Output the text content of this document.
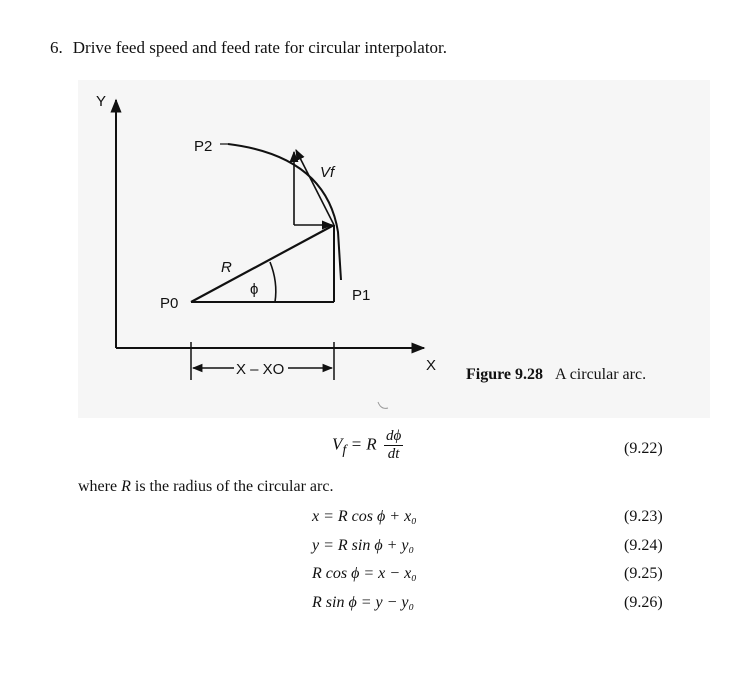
6. Drive feed speed and feed rate for circular interpolator.
Y
X
P2
Vf
R
ϕ
P0	P1
X – XO	Figure 9.28 A circular arc.
$V_f = R \frac{d\phi}{dt}$	(9.22)
where R is the radius of the circular arc.
x = R cos ϕ + x₀	(9.23)
y = R sin ϕ + y₀	(9.24)
R cos ϕ = x − x₀	(9.25)
R sin ϕ = y − y₀	(9.26)
